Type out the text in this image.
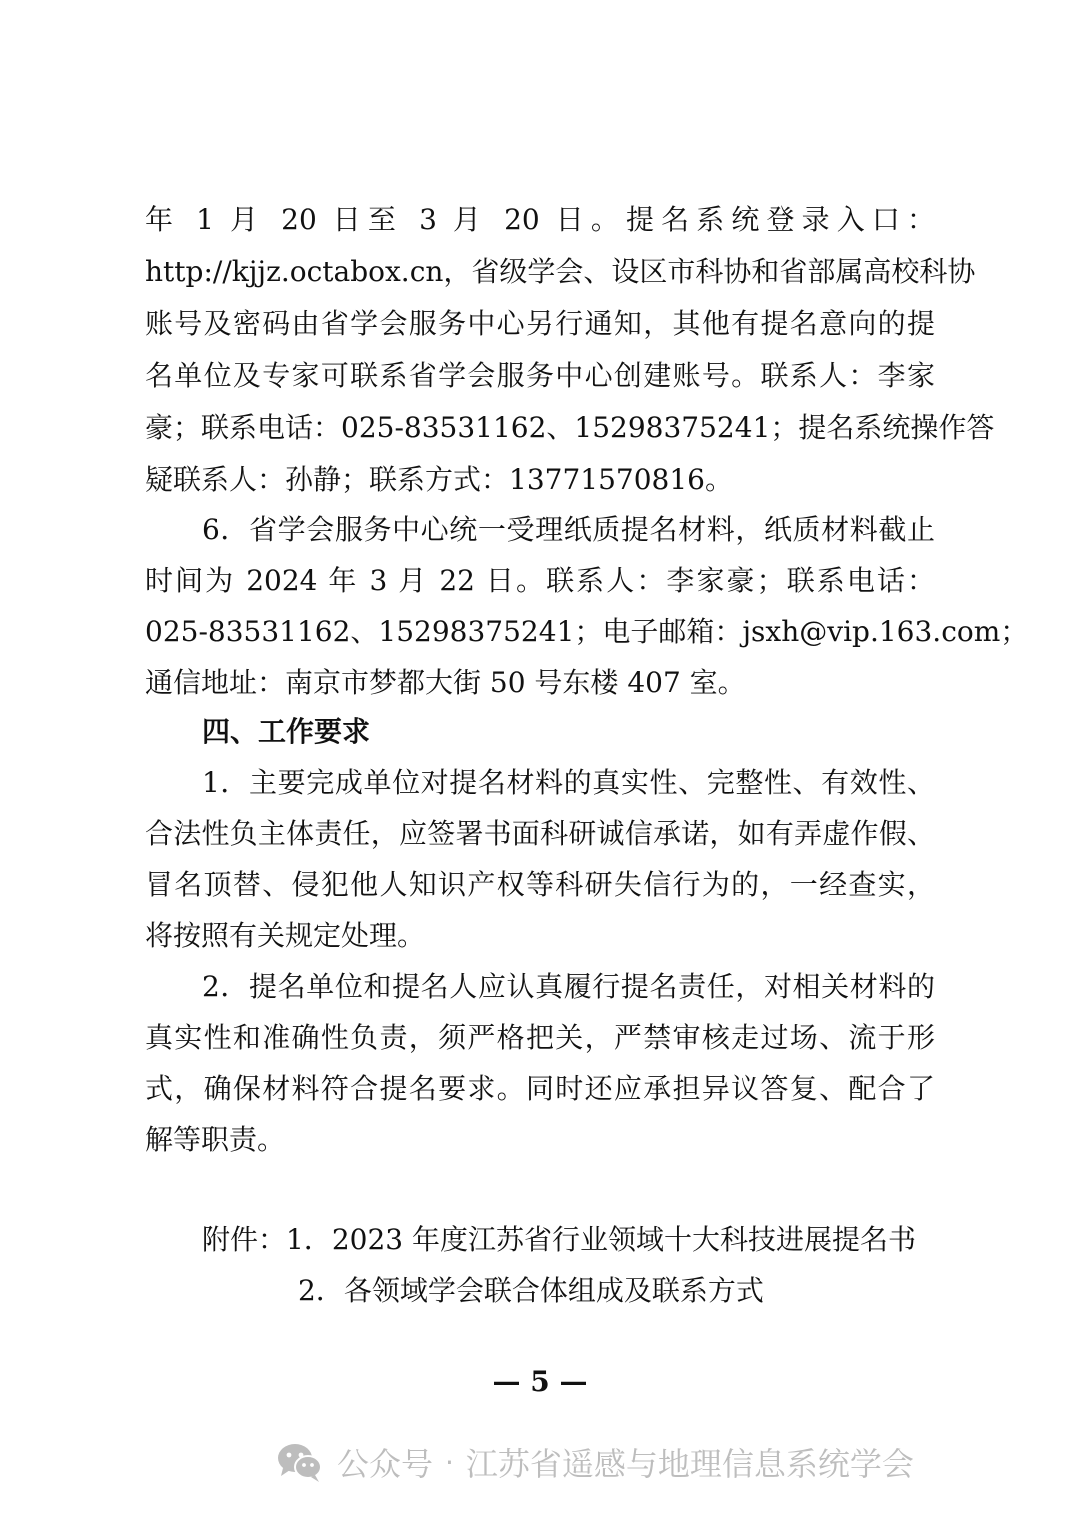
年 1 月 20 日至 3 月 20 日。提名系统登录入口：
http://kjjz.octabox.cn，省级学会、设区市科协和省部属高校科协
账号及密码由省学会服务中心另行通知，其他有提名意向的提
名单位及专家可联系省学会服务中心创建账号。联系人：李家
豪；联系电话：025-83531162、15298375241；提名系统操作答
疑联系人：孙静；联系方式：13771570816。
6．省学会服务中心统一受理纸质提名材料，纸质材料截止
时间为 2024 年 3 月 22 日。联系人：李家豪；联系电话：
025-83531162、15298375241；电子邮箱：jsxh@vip.163.com；
通信地址：南京市梦都大街 50 号东楼 407 室。
四、工作要求
1．主要完成单位对提名材料的真实性、完整性、有效性、
合法性负主体责任，应签署书面科研诚信承诺，如有弄虚作假、
冒名顶替、侵犯他人知识产权等科研失信行为的，一经查实，
将按照有关规定处理。
2．提名单位和提名人应认真履行提名责任，对相关材料的
真实性和准确性负责，须严格把关，严禁审核走过场、流于形
式，确保材料符合提名要求。同时还应承担异议答复、配合了
解等职责。
附件：1．2023 年度江苏省行业领域十大科技进展提名书
2．各领域学会联合体组成及联系方式
— 5 —
公众号 · 江苏省遥感与地理信息系统学会
